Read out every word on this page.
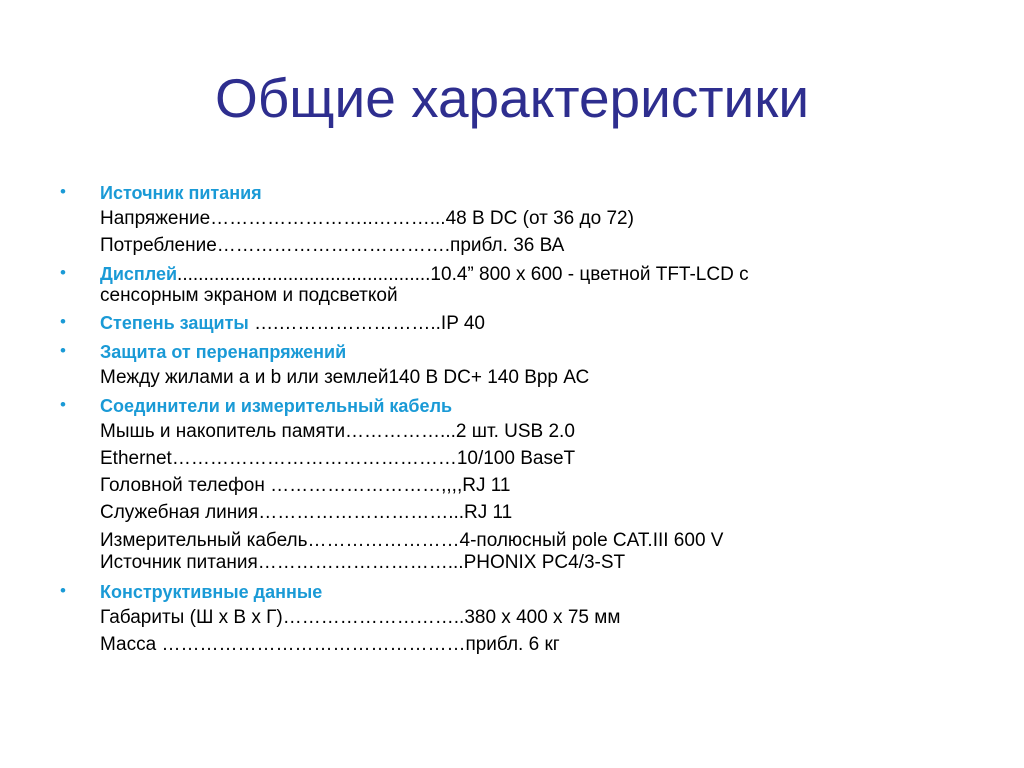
Общие характеристики
• Источник питания
Напряжение……………………..………...48 В DC (от 36 до 72)
Потребление……………………………….прибл. 36 ВА
• Дисплей................................................10.4” 800 x 600 - цветной TFT-LCD с
сенсорным экраном и подсветкой
• Степень защиты ….……………………..IP 40
• Защита от перенапряжений
Между жилами а и b или землей140 В DC+ 140 Врр АС
• Соединители и измерительный кабель
Мышь и накопитель памяти……………...2 шт. USB 2.0
Ethernet………………………………………10/100 BaseT
Головной телефон ………………………,,,,RJ 11
Служебная линия…………………………...RJ 11
Измерительный кабель……………………4-полюсный pole CAT.III 600 V
Источник питания…………………………...PHONIX PC4/3-ST
• Конструктивные данные
Габариты (Ш х В х Г)………………………..380 x 400 x 75 мм
Масса …………………………………………прибл. 6 кг
